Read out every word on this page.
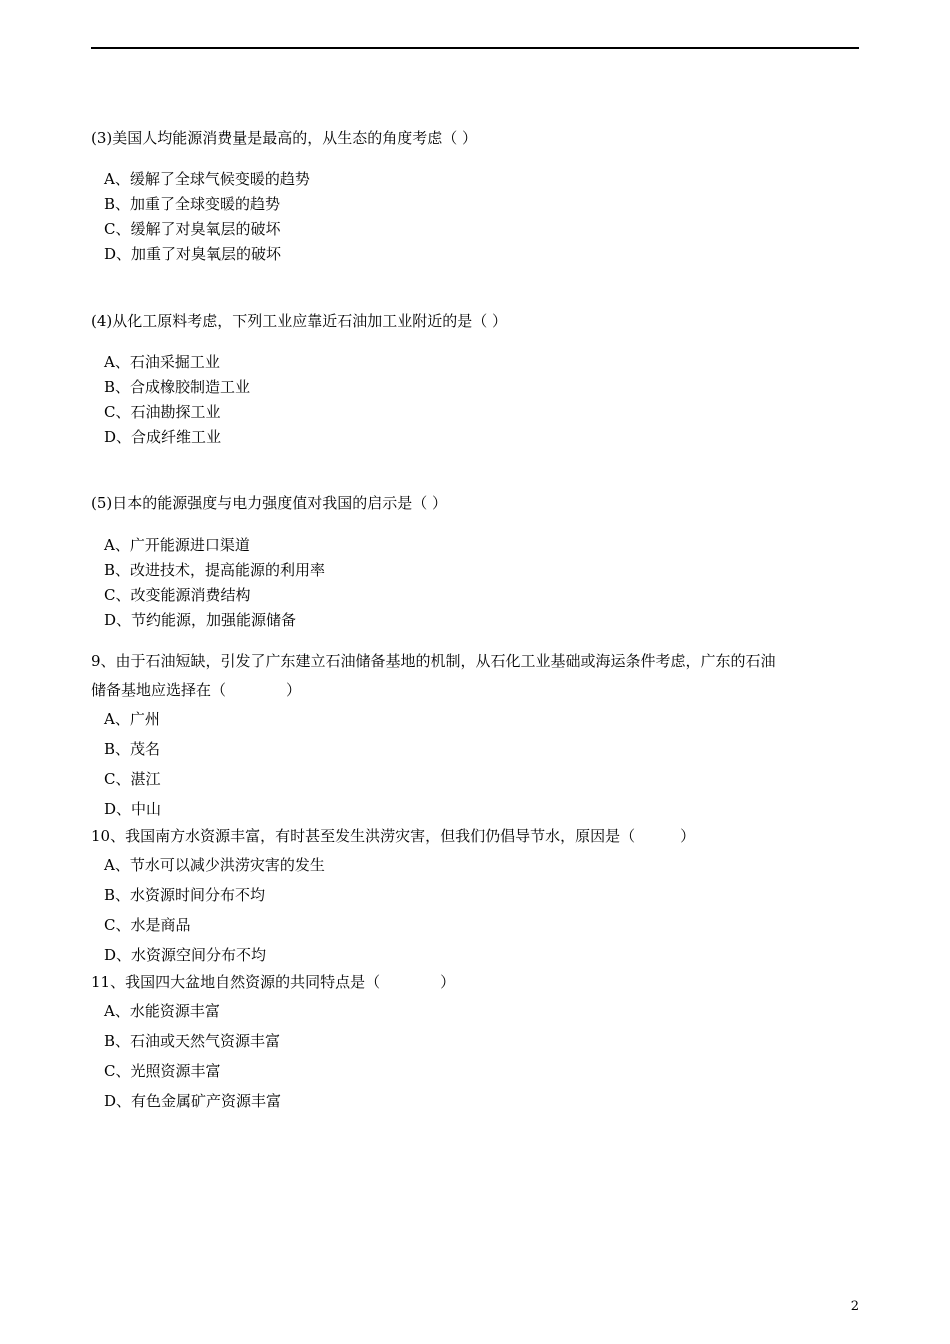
(3)美国人均能源消费量是最高的，从生态的角度考虑（ ）
A、缓解了全球气候变暖的趋势
B、加重了全球变暖的趋势
C、缓解了对臭氧层的破坏
D、加重了对臭氧层的破坏
(4)从化工原料考虑，下列工业应靠近石油加工业附近的是（ ）
A、石油采掘工业
B、合成橡胶制造工业
C、石油勘探工业
D、合成纤维工业
(5)日本的能源强度与电力强度值对我国的启示是（ ）
A、广开能源进口渠道
B、改进技术，提高能源的利用率
C、改变能源消费结构
D、节约能源，加强能源储备
9、由于石油短缺，引发了广东建立石油储备基地的机制，从石化工业基础或海运条件考虑，广东的石油
储备基地应选择在（　　　　）
A、广州
B、茂名
C、湛江
D、中山
10、我国南方水资源丰富，有时甚至发生洪涝灾害，但我们仍倡导节水，原因是（　　　）
A、节水可以减少洪涝灾害的发生
B、水资源时间分布不均
C、水是商品
D、水资源空间分布不均
11、我国四大盆地自然资源的共同特点是（　　　　）
A、水能资源丰富
B、石油或天然气资源丰富
C、光照资源丰富
D、有色金属矿产资源丰富
2
